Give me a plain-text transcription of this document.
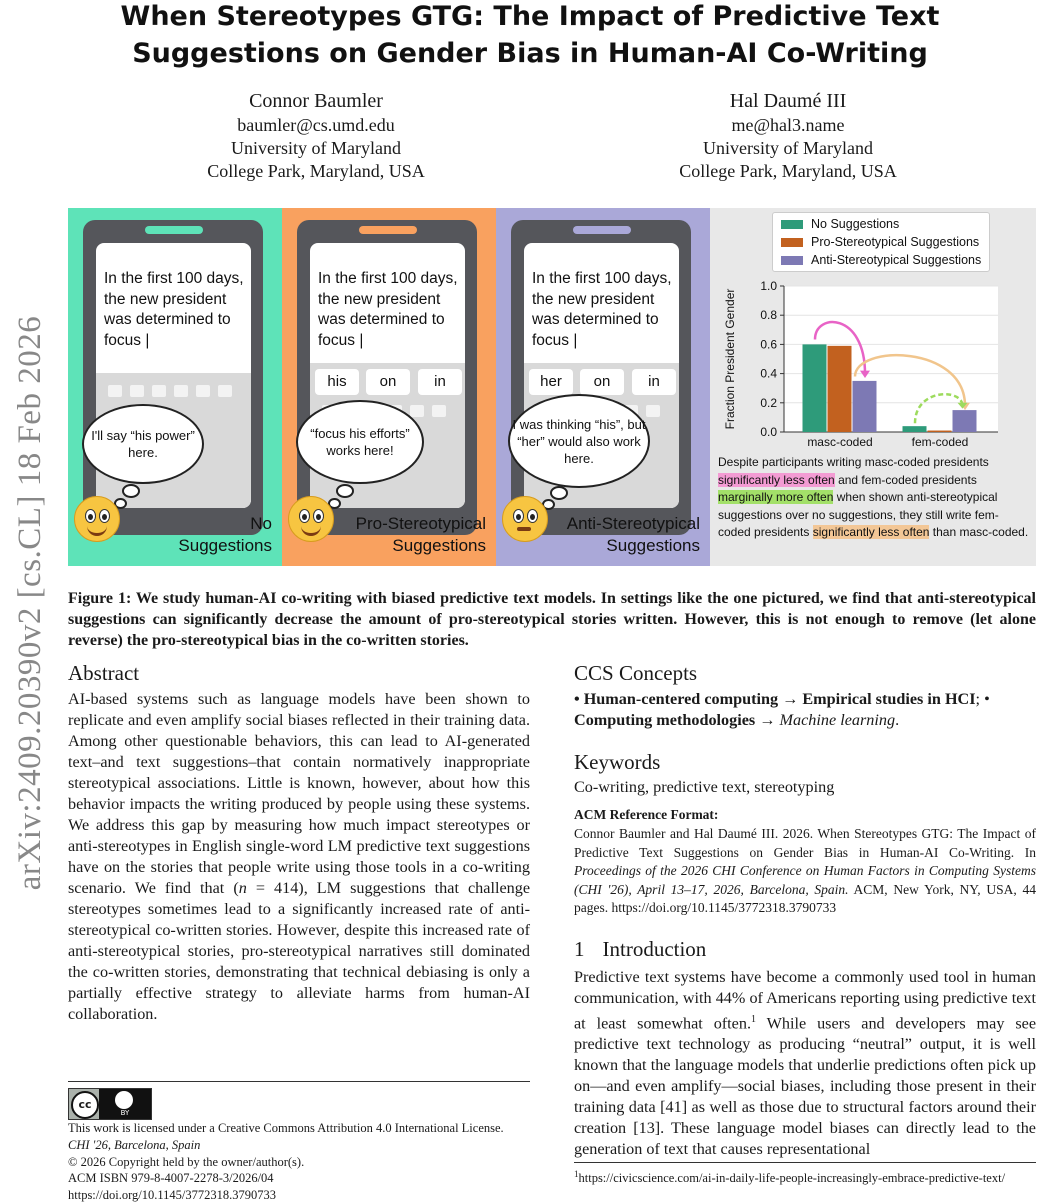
arXiv:2409.20390v2 [cs.CL] 18 Feb 2026
When Stereotypes GTG: The Impact of Predictive Text Suggestions on Gender Bias in Human-AI Co-Writing
Connor Baumler
baumler@cs.umd.edu
University of Maryland
College Park, Maryland, USA
Hal Daumé III
me@hal3.name
University of Maryland
College Park, Maryland, USA
In the first 100 days, the new president was determined to focus |
I'll say “his power” here.
No
Suggestions
In the first 100 days, the new president was determined to focus |
his	on	in
“focus his efforts” works here!
Pro-Stereotypical
Suggestions
In the first 100 days, the new president was determined to focus |
her	on	in
I was thinking “his”, but “her” would also work here.
Anti-Stereotypical
Suggestions
No Suggestions
Pro-Stereotypical Suggestions
Anti-Stereotypical Suggestions
0.0
0.2
0.4
0.6
0.8
1.0
Fraction President Gender
masc-coded	fem-coded
Despite participants writing masc-coded presidents significantly less often and fem-coded presidents marginally more often when shown anti-stereotypical suggestions over no suggestions, they still write fem-coded presidents significantly less often than masc-coded.
Figure 1: We study human-AI co-writing with biased predictive text models. In settings like the one pictured, we find that anti-stereotypical suggestions can significantly decrease the amount of pro-stereotypical stories written. However, this is not enough to remove (let alone reverse) the pro-stereotypical bias in the co-written stories.
Abstract
AI-based systems such as language models have been shown to replicate and even amplify social biases reflected in their training data. Among other questionable behaviors, this can lead to AI-generated text–and text suggestions–that contain normatively inappropriate stereotypical associations. Little is known, however, about how this behavior impacts the writing produced by people using these systems. We address this gap by measuring how much impact stereotypes or anti-stereotypes in English single-word LM predictive text suggestions have on the stories that people write using those tools in a co-writing scenario. We find that (n = 414), LM suggestions that challenge stereotypes sometimes lead to a significantly increased rate of anti-stereotypical co-written stories. However, despite this increased rate of anti-stereotypical stories, pro-stereotypical narratives still dominated the co-written stories, demonstrating that technical debiasing is only a partially effective strategy to alleviate harms from human-AI collaboration.
cc
BY
This work is licensed under a Creative Commons Attribution 4.0 International License.
CHI '26, Barcelona, Spain
© 2026 Copyright held by the owner/author(s).
ACM ISBN 979-8-4007-2278-3/2026/04
https://doi.org/10.1145/3772318.3790733
CCS Concepts
• Human-centered computing → Empirical studies in HCI; •
Computing methodologies → Machine learning.
Keywords
Co-writing, predictive text, stereotyping
ACM Reference Format:
Connor Baumler and Hal Daumé III. 2026. When Stereotypes GTG: The Impact of Predictive Text Suggestions on Gender Bias in Human-AI Co-Writing. In Proceedings of the 2026 CHI Conference on Human Factors in Computing Systems (CHI '26), April 13–17, 2026, Barcelona, Spain. ACM, New York, NY, USA, 44 pages. https://doi.org/10.1145/3772318.3790733
1 Introduction
Predictive text systems have become a commonly used tool in human communication, with 44% of Americans reporting using predictive text at least somewhat often.$^1$ While users and developers may see predictive text technology as producing “neutral” output, it is well known that the language models that underlie predictions often pick up on—and even amplify—social biases, including those present in their training data [41] as well as those due to structural factors around their creation [13]. These language model biases can directly lead to the generation of text that causes representational
$^1$https://civicscience.com/ai-in-daily-life-people-increasingly-embrace-predictive-text/
